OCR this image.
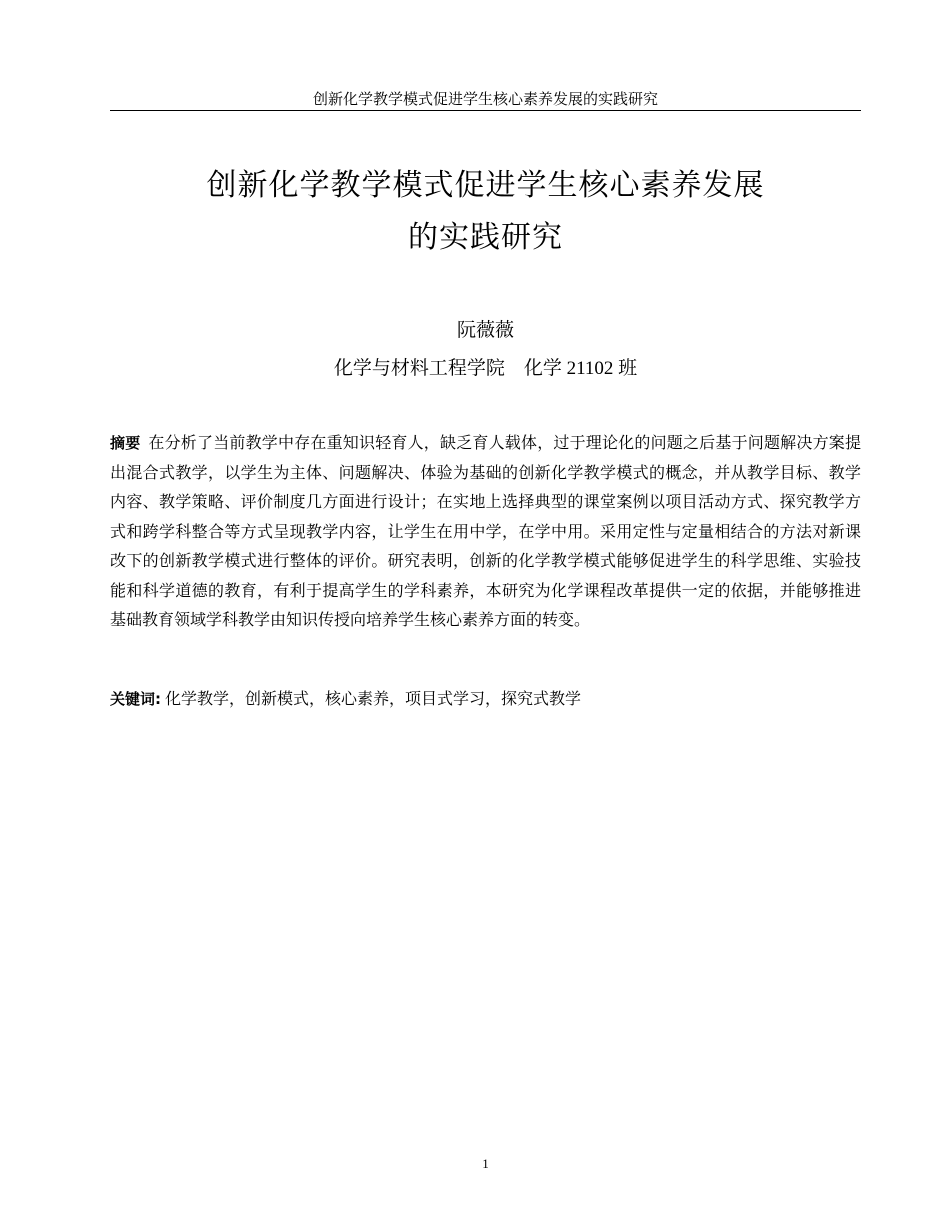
创新化学教学模式促进学生核心素养发展的实践研究
创新化学教学模式促进学生核心素养发展
的实践研究
阮薇薇
化学与材料工程学院    化学 21102 班
摘要 在分析了当前教学中存在重知识轻育人，缺乏育人载体，过于理论化的问题之后基于问题解决方案提出混合式教学，以学生为主体、问题解决、体验为基础的创新化学教学模式的概念，并从教学目标、教学内容、教学策略、评价制度几方面进行设计；在实地上选择典型的课堂案例以项目活动方式、探究教学方式和跨学科整合等方式呈现教学内容，让学生在用中学，在学中用。采用定性与定量相结合的方法对新课改下的创新教学模式进行整体的评价。研究表明，创新的化学教学模式能够促进学生的科学思维、实验技能和科学道德的教育，有利于提高学生的学科素养，本研究为化学课程改革提供一定的依据，并能够推进基础教育领域学科教学由知识传授向培养学生核心素养方面的转变。
关键词: 化学教学，创新模式，核心素养，项目式学习，探究式教学
1
